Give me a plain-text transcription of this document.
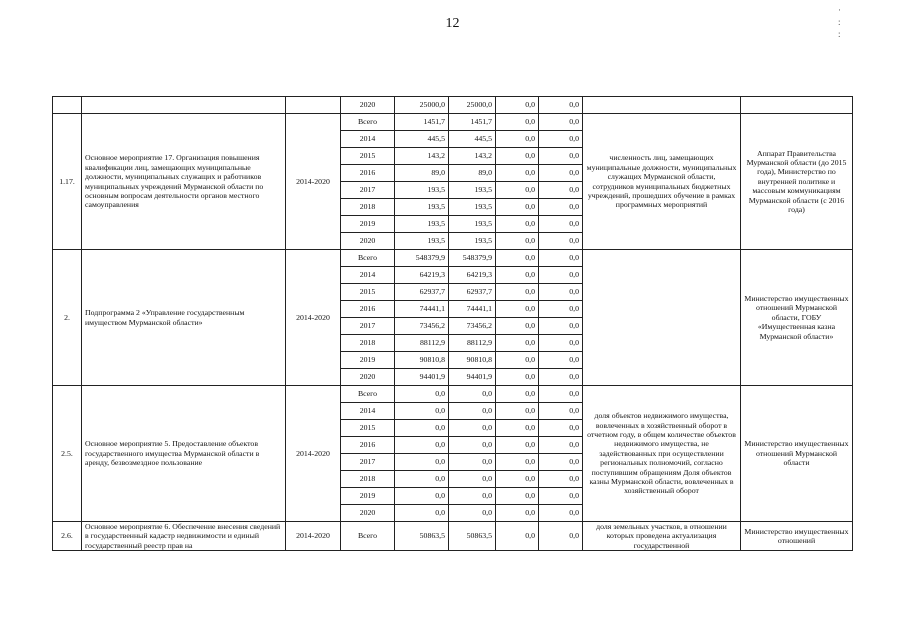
12
·
:
:
			2020	25000,0	25000,0	0,0	0,0		
1.17.	Основное мероприятие 17. Организация повышения квалификации лиц, замещающих муниципальные должности, муниципальных служащих и работников муниципальных учреждений Мурманской области по основным вопросам деятельности органов местного самоуправления	2014-2020	Всего	1451,7	1451,7	0,0	0,0	численность лиц, замещающих муниципальные должности, муниципальных служащих Мурманской области, сотрудников муниципальных бюджетных учреждений, прошедших обучение в рамках программных мероприятий	Аппарат Правительства Мурманской области (до 2015 года), Министерство по внутренней политике и массовым коммуникациям Мурманской области (с 2016 года)
			2014	445,5	445,5	0,0	0,0		
			2015	143,2	143,2	0,0	0,0		
			2016	89,0	89,0	0,0	0,0		
			2017	193,5	193,5	0,0	0,0		
			2018	193,5	193,5	0,0	0,0		
			2019	193,5	193,5	0,0	0,0		
			2020	193,5	193,5	0,0	0,0		
2.	Подпрограмма 2 «Управление государственным имуществом Мурманской области»	2014-2020	Всего	548379,9	548379,9	0,0	0,0		Министерство имущественных отношений Мурманской области, ГОБУ «Имущественная казна Мурманской области»
			2014	64219,3	64219,3	0,0	0,0		
			2015	62937,7	62937,7	0,0	0,0		
			2016	74441,1	74441,1	0,0	0,0		
			2017	73456,2	73456,2	0,0	0,0		
			2018	88112,9	88112,9	0,0	0,0		
			2019	90810,8	90810,8	0,0	0,0		
			2020	94401,9	94401,9	0,0	0,0		
2.5.	Основное мероприятие 5. Предоставление объектов государственного имущества Мурманской области в аренду, безвозмездное пользование	2014-2020	Всего	0,0	0,0	0,0	0,0	доля объектов недвижимого имущества, вовлеченных в хозяйственный оборот в отчетном году, в общем количестве объектов недвижимого имущества, не задействованных при осуществлении региональных полномочий, согласно поступившим обращениям Доля объектов казны Мурманской области, вовлеченных в хозяйственный оборот	Министерство имущественных отношений Мурманской области
			2014	0,0	0,0	0,0	0,0		
			2015	0,0	0,0	0,0	0,0		
			2016	0,0	0,0	0,0	0,0		
			2017	0,0	0,0	0,0	0,0		
			2018	0,0	0,0	0,0	0,0		
			2019	0,0	0,0	0,0	0,0		
			2020	0,0	0,0	0,0	0,0		
2.6.	Основное мероприятие 6. Обеспечение внесения сведений в государственный кадастр недвижимости и единый государственный реестр прав на	2014-2020	Всего	50863,5	50863,5	0,0	0,0	доля земельных участков, в отношении которых проведена актуализация государственной	Министерство имущественных отношений
